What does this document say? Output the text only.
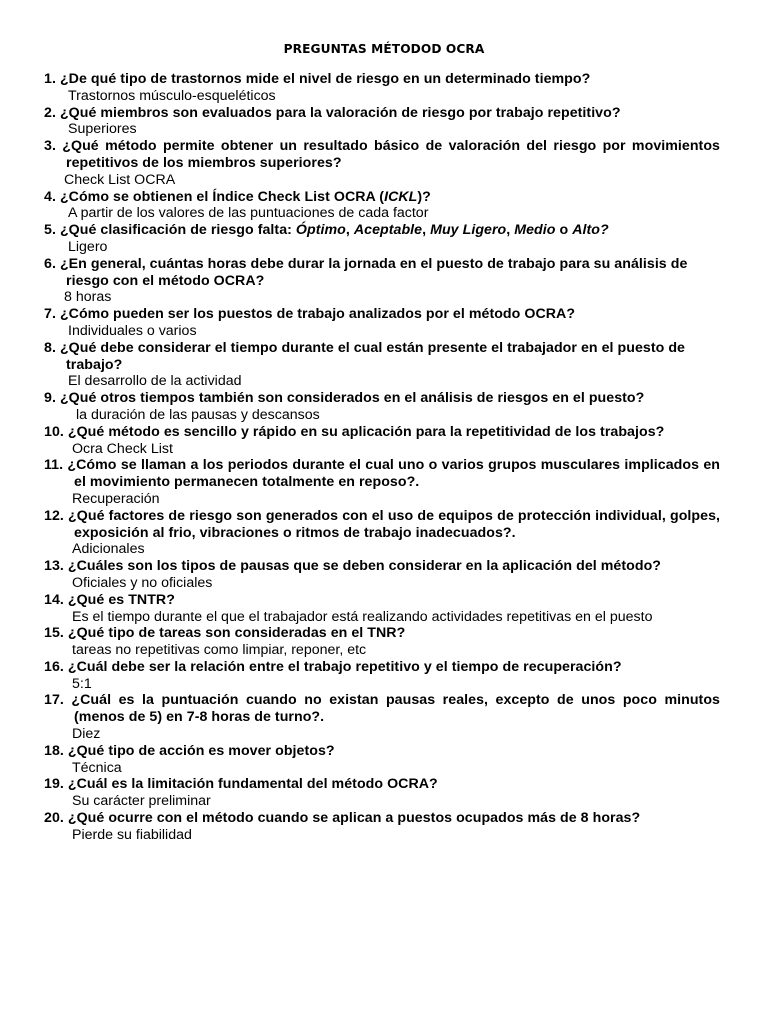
PREGUNTAS MÉTODOD OCRA
1. ¿De qué tipo de trastornos mide el nivel de riesgo en un determinado tiempo?
Trastornos músculo-esqueléticos
2. ¿Qué miembros son evaluados para la valoración de riesgo por trabajo repetitivo?
Superiores
3. ¿Qué método permite obtener un resultado básico de valoración del riesgo por movimientos repetitivos de los miembros superiores?
Check List OCRA
4. ¿Cómo se obtienen el Índice Check List OCRA (ICKL)?
A partir de los valores de las puntuaciones de cada factor
5. ¿Qué clasificación de riesgo falta: Óptimo, Aceptable, Muy Ligero, Medio o Alto?
Ligero
6. ¿En general, cuántas horas debe durar la jornada en el puesto de trabajo para su análisis de riesgo con el método OCRA?
8 horas
7. ¿Cómo pueden ser los puestos de trabajo analizados por el método OCRA?
Individuales o varios
8. ¿Qué debe considerar el tiempo durante el cual están presente el trabajador en el puesto de trabajo?
El desarrollo de la actividad
9. ¿Qué otros tiempos también son considerados en el análisis de riesgos en el puesto?
la duración de las pausas y descansos
10. ¿Qué método es sencillo y rápido en su aplicación para la repetitividad de los trabajos?
Ocra Check List
11. ¿Cómo se llaman a los periodos durante el cual uno o varios grupos musculares implicados en el movimiento permanecen totalmente en reposo?.
Recuperación
12. ¿Qué factores de riesgo son generados con el uso de equipos de protección individual, golpes, exposición al frio, vibraciones o ritmos de trabajo inadecuados?.
Adicionales
13. ¿Cuáles son los tipos de pausas que se deben considerar en la aplicación del método?
Oficiales y no oficiales
14. ¿Qué es TNTR?
Es el tiempo durante el que el trabajador está realizando actividades repetitivas en el puesto
15. ¿Qué tipo de tareas son consideradas en el TNR?
tareas no repetitivas como limpiar, reponer, etc
16. ¿Cuál debe ser la relación entre el trabajo repetitivo y el tiempo de recuperación?
5:1
17. ¿Cuál es la puntuación cuando no existan pausas reales, excepto de unos poco minutos (menos de 5) en 7-8 horas de turno?.
Diez
18. ¿Qué tipo de acción es mover objetos?
Técnica
19. ¿Cuál es la limitación fundamental del método OCRA?
Su carácter preliminar
20. ¿Qué ocurre con el método cuando se aplican a puestos ocupados más de 8 horas?
Pierde su fiabilidad
